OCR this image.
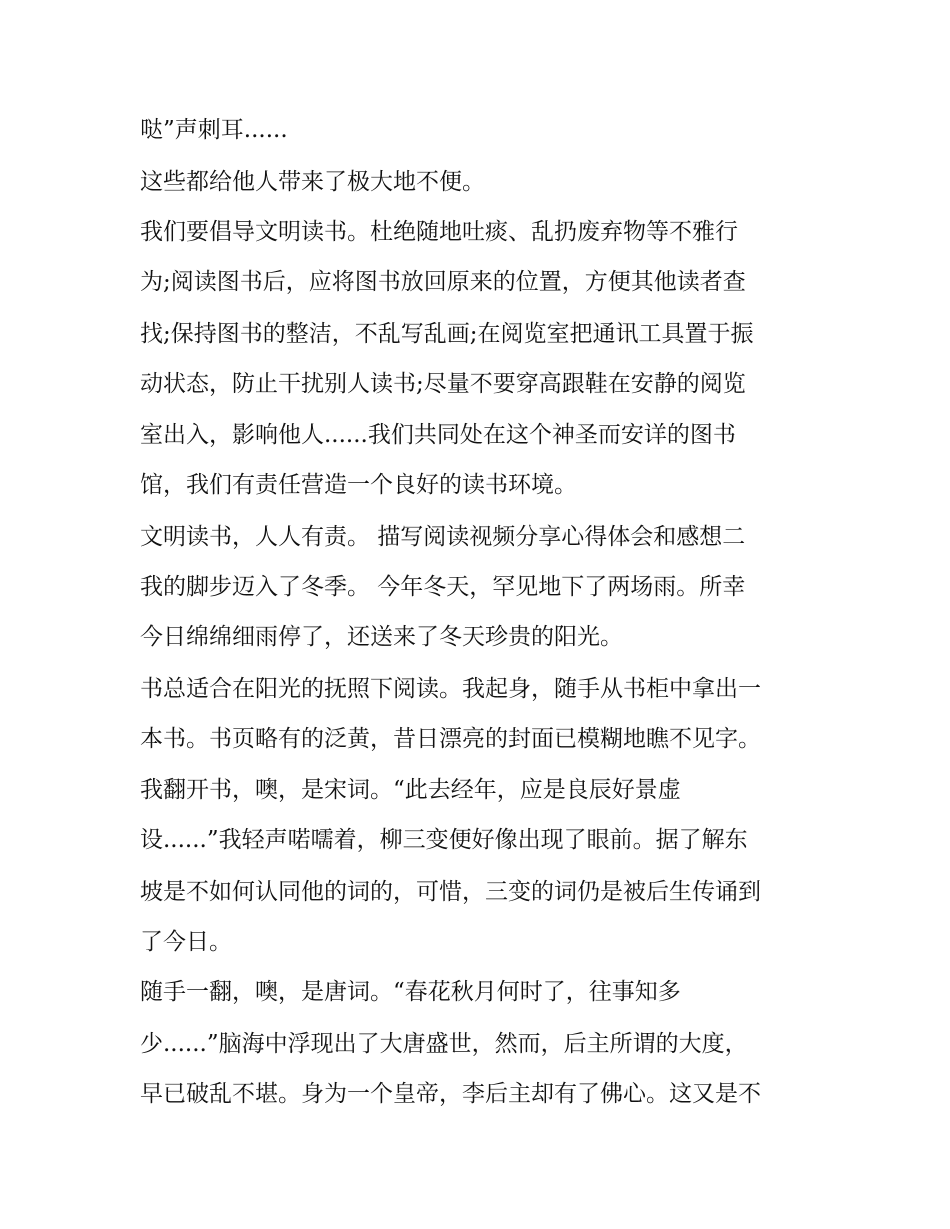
哒”声刺耳......
这些都给他人带来了极大地不便。
我们要倡导文明读书。杜绝随地吐痰、乱扔废弃物等不雅行
为;阅读图书后，应将图书放回原来的位置，方便其他读者查
找;保持图书的整洁，不乱写乱画;在阅览室把通讯工具置于振
动状态，防止干扰别人读书;尽量不要穿高跟鞋在安静的阅览
室出入，影响他人......我们共同处在这个神圣而安详的图书
馆，我们有责任营造一个良好的读书环境。
文明读书，人人有责。 描写阅读视频分享心得体会和感想二
我的脚步迈入了冬季。 今年冬天，罕见地下了两场雨。所幸
今日绵绵细雨停了，还送来了冬天珍贵的阳光。
书总适合在阳光的抚照下阅读。我起身，随手从书柜中拿出一
本书。书页略有的泛黄，昔日漂亮的封面已模糊地瞧不见字。
我翻开书，噢，是宋词。“此去经年，应是良辰好景虚
设......”我轻声喏嚅着，柳三变便好像出现了眼前。据了解东
坡是不如何认同他的词的，可惜，三变的词仍是被后生传诵到
了今日。
随手一翻，噢，是唐词。“春花秋月何时了，往事知多
少......”脑海中浮现出了大唐盛世，然而，后主所谓的大度，
早已破乱不堪。身为一个皇帝，李后主却有了佛心。这又是不
